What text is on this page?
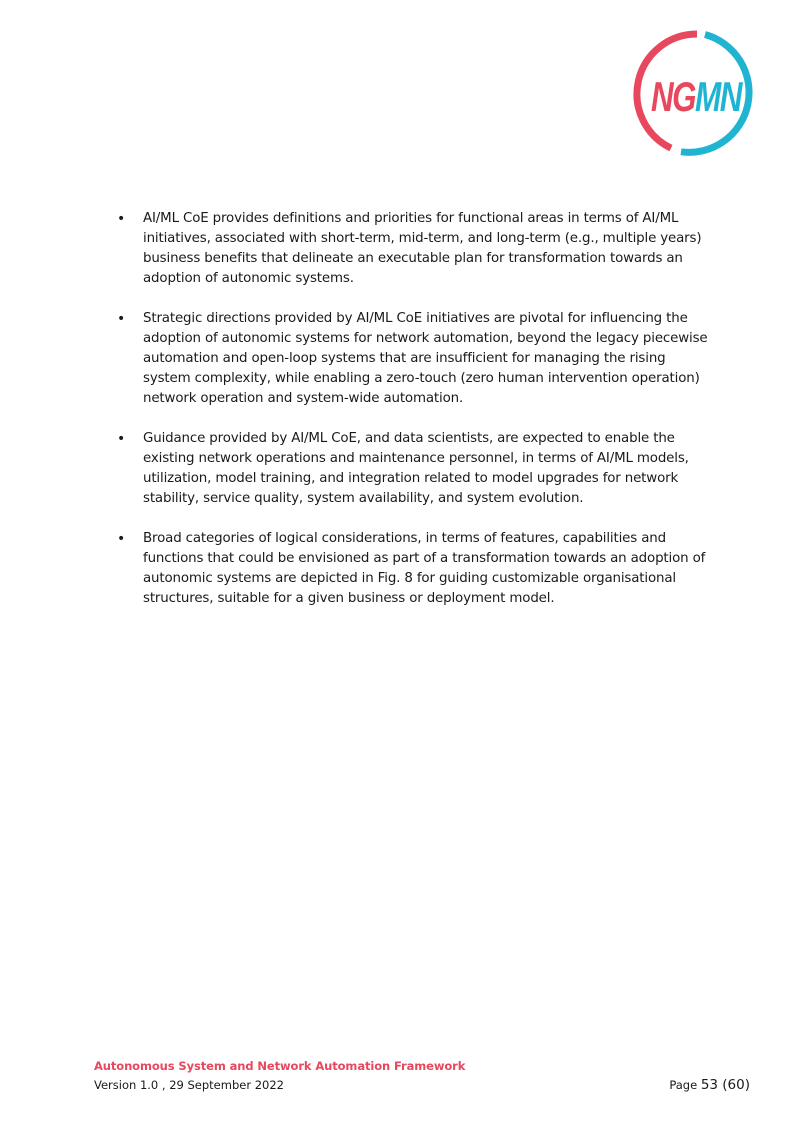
NG MN
• AI/ML CoE provides definitions and priorities for functional areas in terms of AI/ML initiatives, associated with short-term, mid-term, and long-term (e.g., multiple years) business benefits that delineate an executable plan for transformation towards an adoption of autonomic systems.
• Strategic directions provided by AI/ML CoE initiatives are pivotal for influencing the adoption of autonomic systems for network automation, beyond the legacy piecewise automation and open-loop systems that are insufficient for managing the rising system complexity, while enabling a zero-touch (zero human intervention operation) network operation and system-wide automation.
• Guidance provided by AI/ML CoE, and data scientists, are expected to enable the existing network operations and maintenance personnel, in terms of AI/ML models, utilization, model training, and integration related to model upgrades for network stability, service quality, system availability, and system evolution.
• Broad categories of logical considerations, in terms of features, capabilities and functions that could be envisioned as part of a transformation towards an adoption of autonomic systems are depicted in Fig. 8 for guiding customizable organisational structures, suitable for a given business or deployment model.
Autonomous System and Network Automation Framework
Version 1.0 , 29 September 2022	Page 53 (60)
